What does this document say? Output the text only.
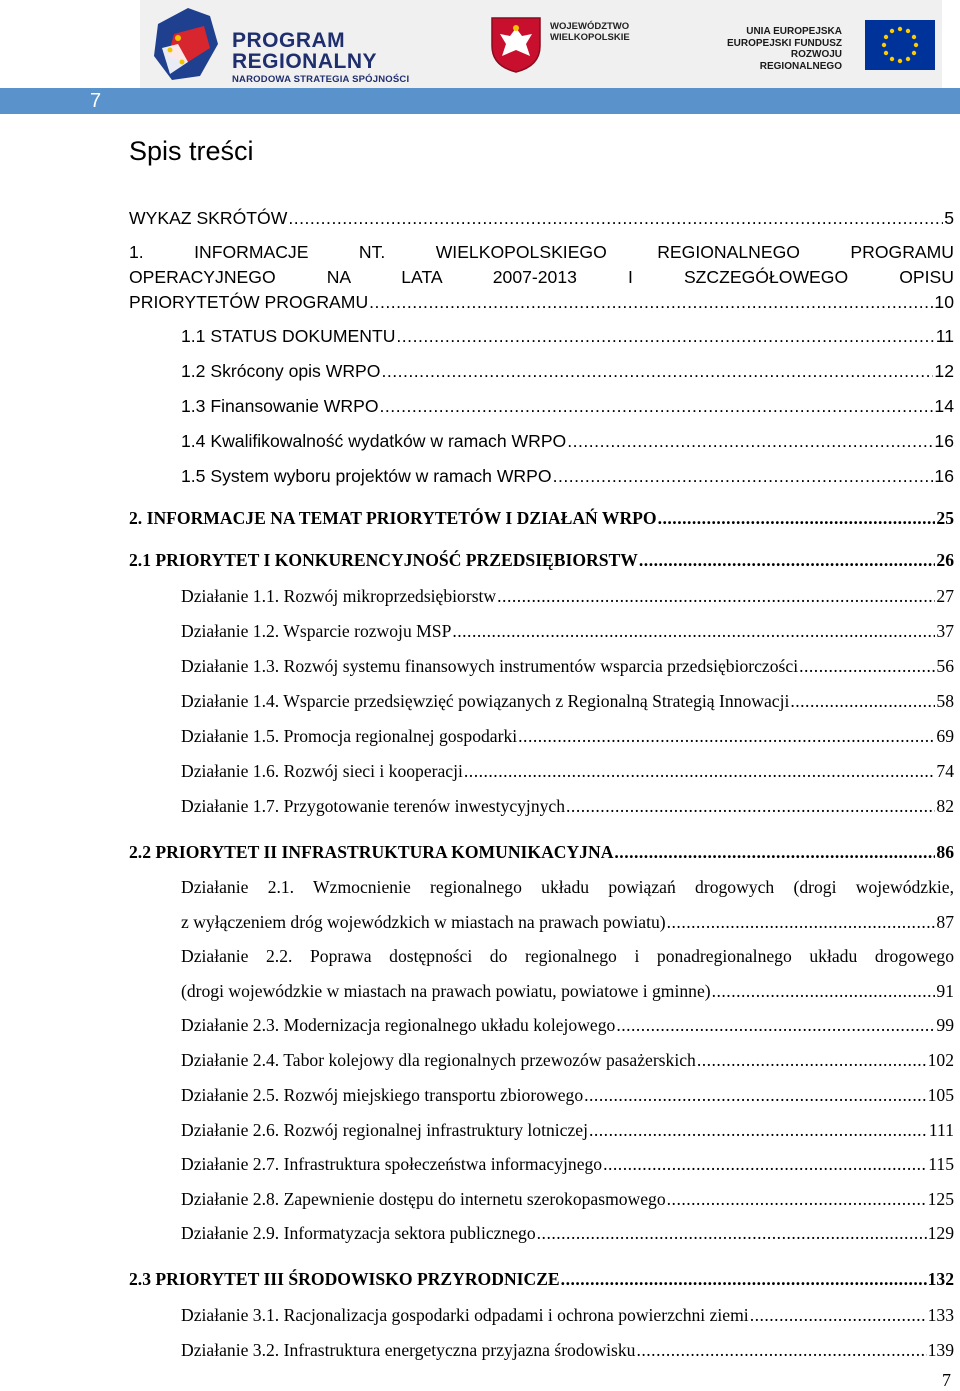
PROGRAM
REGIONALNY
NARODOWA STRATEGIA SPÓJNOŚCI
WOJEWÓDZTWO
WIELKOPOLSKIE
UNIA EUROPEJSKA
EUROPEJSKI FUNDUSZ
ROZWOJU REGIONALNEGO
7
Spis treści
WYKAZ SKRÓTÓW .....	5
1. INFORMACJE NT. WIELKOPOLSKIEGO REGIONALNEGO PROGRAMU
OPERACYJNEGO NA LATA 2007-2013 I SZCZEGÓŁOWEGO OPISU
PRIORYTETÓW PROGRAMU .....	10
1.1 STATUS DOKUMENTU .....	11
1.2 Skrócony opis WRPO .....	12
1.3 Finansowanie WRPO .....	14
1.4 Kwalifikowalność wydatków w ramach WRPO .....	16
1.5 System wyboru projektów w ramach WRPO .....	16
2. INFORMACJE NA TEMAT PRIORYTETÓW I DZIAŁAŃ WRPO .....	25
2.1 PRIORYTET I KONKURENCYJNOŚĆ PRZEDSIĘBIORSTW .....	26
Działanie 1.1. Rozwój mikroprzedsiębiorstw .....	27
Działanie 1.2. Wsparcie rozwoju MSP .....	37
Działanie 1.3. Rozwój systemu finansowych instrumentów wsparcia przedsiębiorczości .....	56
Działanie 1.4. Wsparcie przedsięwzięć powiązanych z Regionalną Strategią Innowacji .....	58
Działanie 1.5. Promocja regionalnej gospodarki .....	69
Działanie 1.6. Rozwój sieci i kooperacji .....	74
Działanie 1.7. Przygotowanie terenów inwestycyjnych .....	82
2.2 PRIORYTET II INFRASTRUKTURA KOMUNIKACYJNA .....	86
Działanie 2.1. Wzmocnienie regionalnego układu powiązań drogowych (drogi wojewódzkie,
z wyłączeniem dróg wojewódzkich w miastach na prawach powiatu) .....	87
Działanie 2.2. Poprawa dostępności do regionalnego i ponadregionalnego układu drogowego
(drogi wojewódzkie w miastach na prawach powiatu, powiatowe i gminne) .....	91
Działanie 2.3. Modernizacja regionalnego układu kolejowego .....	99
Działanie 2.4. Tabor kolejowy dla regionalnych przewozów pasażerskich .....	102
Działanie 2.5. Rozwój miejskiego transportu zbiorowego .....	105
Działanie 2.6. Rozwój regionalnej infrastruktury lotniczej .....	111
Działanie 2.7. Infrastruktura społeczeństwa informacyjnego .....	115
Działanie 2.8. Zapewnienie dostępu do internetu szerokopasmowego .....	125
Działanie 2.9. Informatyzacja sektora publicznego .....	129
2.3 PRIORYTET III ŚRODOWISKO PRZYRODNICZE .....	132
Działanie 3.1. Racjonalizacja gospodarki odpadami i ochrona powierzchni ziemi .....	133
Działanie 3.2. Infrastruktura energetyczna przyjazna środowisku .....	139
7
